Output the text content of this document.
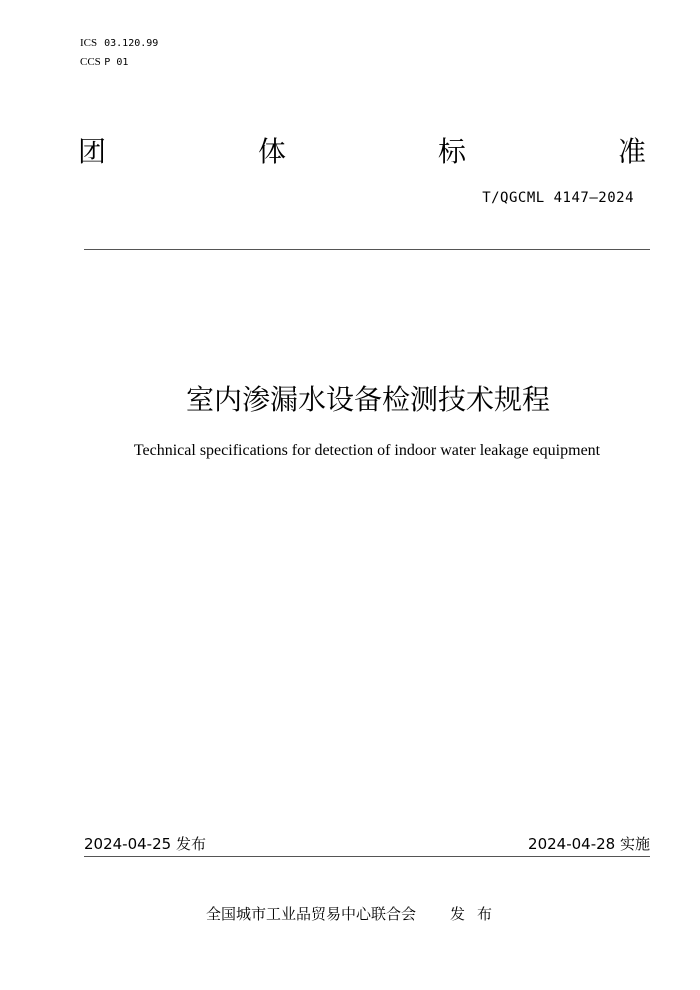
ICS 03.120.99
CCS P 01
团	体	标	准
T/QGCML 4147—2024
室内渗漏水设备检测技术规程
Technical specifications for detection of indoor water leakage equipment
2024-04-25 发布	2024-04-28 实施
全国城市工业品贸易中心联合会 发布
